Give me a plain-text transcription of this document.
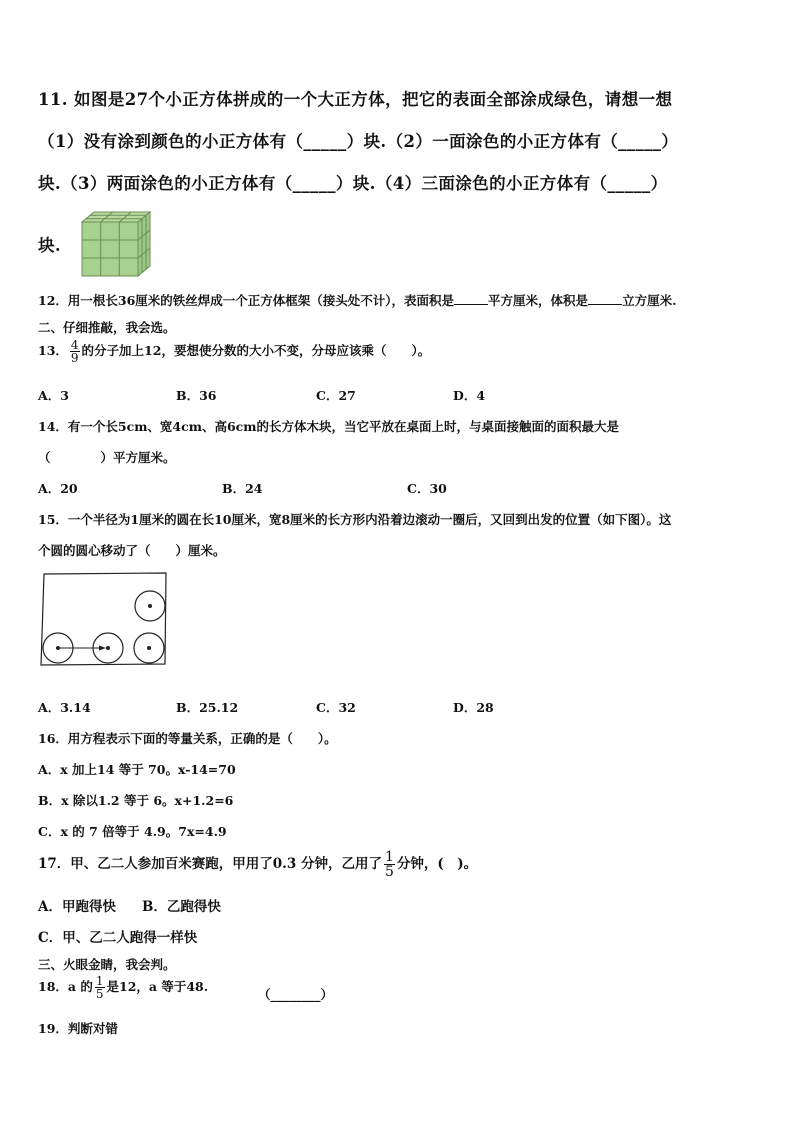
11. 如图是27个小正方体拼成的一个大正方体，把它的表面全部涂成绿色，请想一想
（1）没有涂到颜色的小正方体有（_____）块.（2）一面涂色的小正方体有（_____）
块.（3）两面涂色的小正方体有（_____）块.（4）三面涂色的小正方体有（_____）
块.
12．用一根长36厘米的铁丝焊成一个正方体框架（接头处不计），表面积是	平方厘米，体积是	立方厘米.
二、仔细推敲，我会选。
13． $\frac{4}{9}$ 的分子加上12，要想使分数的大小不变，分母应该乘（　　）。
A．3	B．36	C．27	D．4
14．有一个长5cm、宽4cm、高6cm的长方体木块，当它平放在桌面上时，与桌面接触面的面积最大是
（　　　　）平方厘米。
A．20	B．24	C．30
15．一个半径为1厘米的圆在长10厘米，宽8厘米的长方形内沿着边滚动一圈后，又回到出发的位置（如下图）。这
个圆的圆心移动了（　　）厘米。
A．3.14	B．25.12	C．32	D．28
16．用方程表示下面的等量关系，正确的是（　　）。
A．x 加上14 等于 70。x-14=70
B．x 除以1.2 等于 6。x+1.2=6
C．x 的 7 倍等于 4.9。7x=4.9
17．甲、乙二人参加百米赛跑，甲用了0.3 分钟，乙用了 $\frac{1}{5}$ 分钟，(　)。
A．甲跑得快 B．乙跑得快
C．甲、乙二人跑得一样快
三、火眼金睛，我会判。
18．a 的 $\frac{1}{5}$ 是12，a 等于48.
（________）
19．判断对错
